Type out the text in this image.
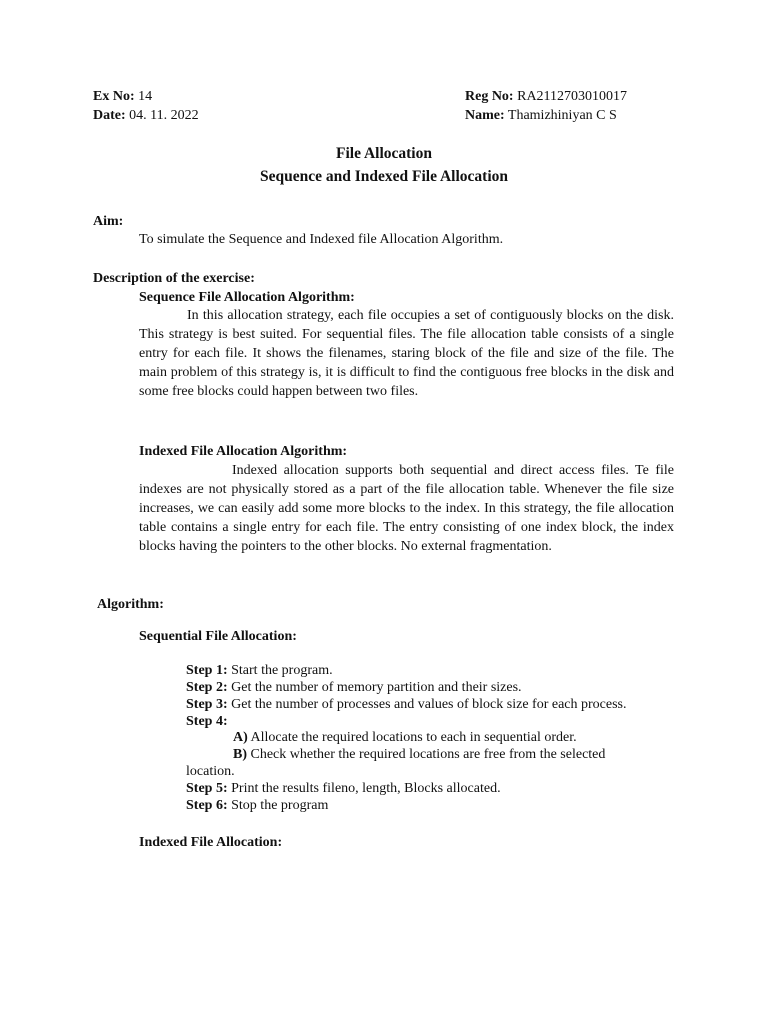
Ex No: 14
Date: 04. 11. 2022
Reg No: RA2112703010017
Name: Thamizhiniyan C S
File Allocation
Sequence and Indexed File Allocation
Aim:
To simulate the Sequence and Indexed file Allocation Algorithm.
Description of the exercise:
Sequence File Allocation Algorithm:
In this allocation strategy, each file occupies a set of contiguously blocks on the disk. This strategy is best suited. For sequential files. The file allocation table consists of a single entry for each file. It shows the filenames, staring block of the file and size of the file. The main problem of this strategy is, it is difficult to find the contiguous free blocks in the disk and some free blocks could happen between two files.
Indexed File Allocation Algorithm:
Indexed allocation supports both sequential and direct access files. Te file indexes are not physically stored as a part of the file allocation table. Whenever the file size increases, we can easily add some more blocks to the index. In this strategy, the file allocation table contains a single entry for each file. The entry consisting of one index block, the index blocks having the pointers to the other blocks. No external fragmentation.
Algorithm:
Sequential File Allocation:
Step 1: Start the program.
Step 2: Get the number of memory partition and their sizes.
Step 3: Get the number of processes and values of block size for each process.
Step 4:
A) Allocate the required locations to each in sequential order.
B) Check whether the required locations are free from the selected
location.
Step 5: Print the results fileno, length, Blocks allocated.
Step 6: Stop the program
Indexed File Allocation:
